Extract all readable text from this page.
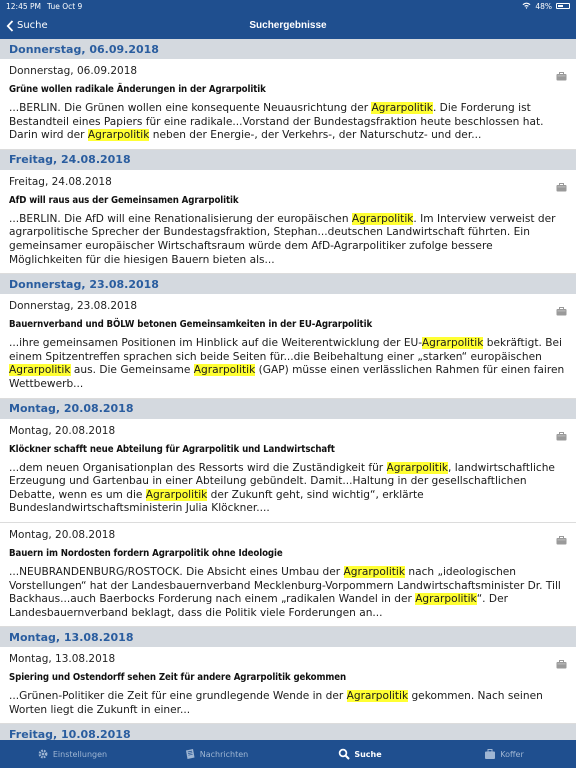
12:45 PM Tue Oct 9	48%
Suche	Suchergebnisse
Donnerstag, 06.09.2018
Donnerstag, 06.09.2018
Grüne wollen radikale Änderungen in der Agrarpolitik
...BERLIN. Die Grünen wollen eine konsequente Neuausrichtung der Agrarpolitik. Die Forderung ist Bestandteil eines Papiers für eine radikale...Vorstand der Bundestagsfraktion heute beschlossen hat. Darin wird der Agrarpolitik neben der Energie-, der Verkehrs-, der Naturschutz- und der...
Freitag, 24.08.2018
Freitag, 24.08.2018
AfD will raus aus der Gemeinsamen Agrarpolitik
...BERLIN. Die AfD will eine Renationalisierung der europäischen Agrarpolitik. Im Interview verweist der agrarpolitische Sprecher der Bundestagsfraktion, Stephan...deutschen Landwirtschaft führten. Ein gemeinsamer europäischer Wirtschaftsraum würde dem AfD-Agrarpolitiker zufolge bessere Möglichkeiten für die hiesigen Bauern bieten als...
Donnerstag, 23.08.2018
Donnerstag, 23.08.2018
Bauernverband und BÖLW betonen Gemeinsamkeiten in der EU-Agrarpolitik
...ihre gemeinsamen Positionen im Hinblick auf die Weiterentwicklung der EU-Agrarpolitik bekräftigt. Bei einem Spitzentreffen sprachen sich beide Seiten für...die Beibehaltung einer „starken“ europäischen Agrarpolitik aus. Die Gemeinsame Agrarpolitik (GAP) müsse einen verlässlichen Rahmen für einen fairen Wettbewerb...
Montag, 20.08.2018
Montag, 20.08.2018
Klöckner schafft neue Abteilung für Agrarpolitik und Landwirtschaft
...dem neuen Organisationplan des Ressorts wird die Zuständigkeit für Agrarpolitik, landwirtschaftliche Erzeugung und Gartenbau in einer Abteilung gebündelt. Damit...Haltung in der gesellschaftlichen Debatte, wenn es um die Agrarpolitik der Zukunft geht, sind wichtig“, erklärte Bundeslandwirtschaftsministerin Julia Klöckner....
Montag, 20.08.2018
Bauern im Nordosten fordern Agrarpolitik ohne Ideologie
...NEUBRANDENBURG/ROSTOCK. Die Absicht eines Umbau der Agrarpolitik nach „ideologischen Vorstellungen“ hat der Landesbauernverband Mecklenburg-Vorpommern Landwirtschaftsminister Dr. Till Backhaus...auch Baerbocks Forderung nach einem „radikalen Wandel in der Agrarpolitik“. Der Landesbauernverband beklagt, dass die Politik viele Forderungen an...
Montag, 13.08.2018
Montag, 13.08.2018
Spiering und Ostendorff sehen Zeit für andere Agrarpolitik gekommen
...Grünen-Politiker die Zeit für eine grundlegende Wende in der Agrarpolitik gekommen. Nach seinen Worten liegt die Zukunft in einer...
Freitag, 10.08.2018
Einstellungen	Nachrichten	Suche	Koffer
